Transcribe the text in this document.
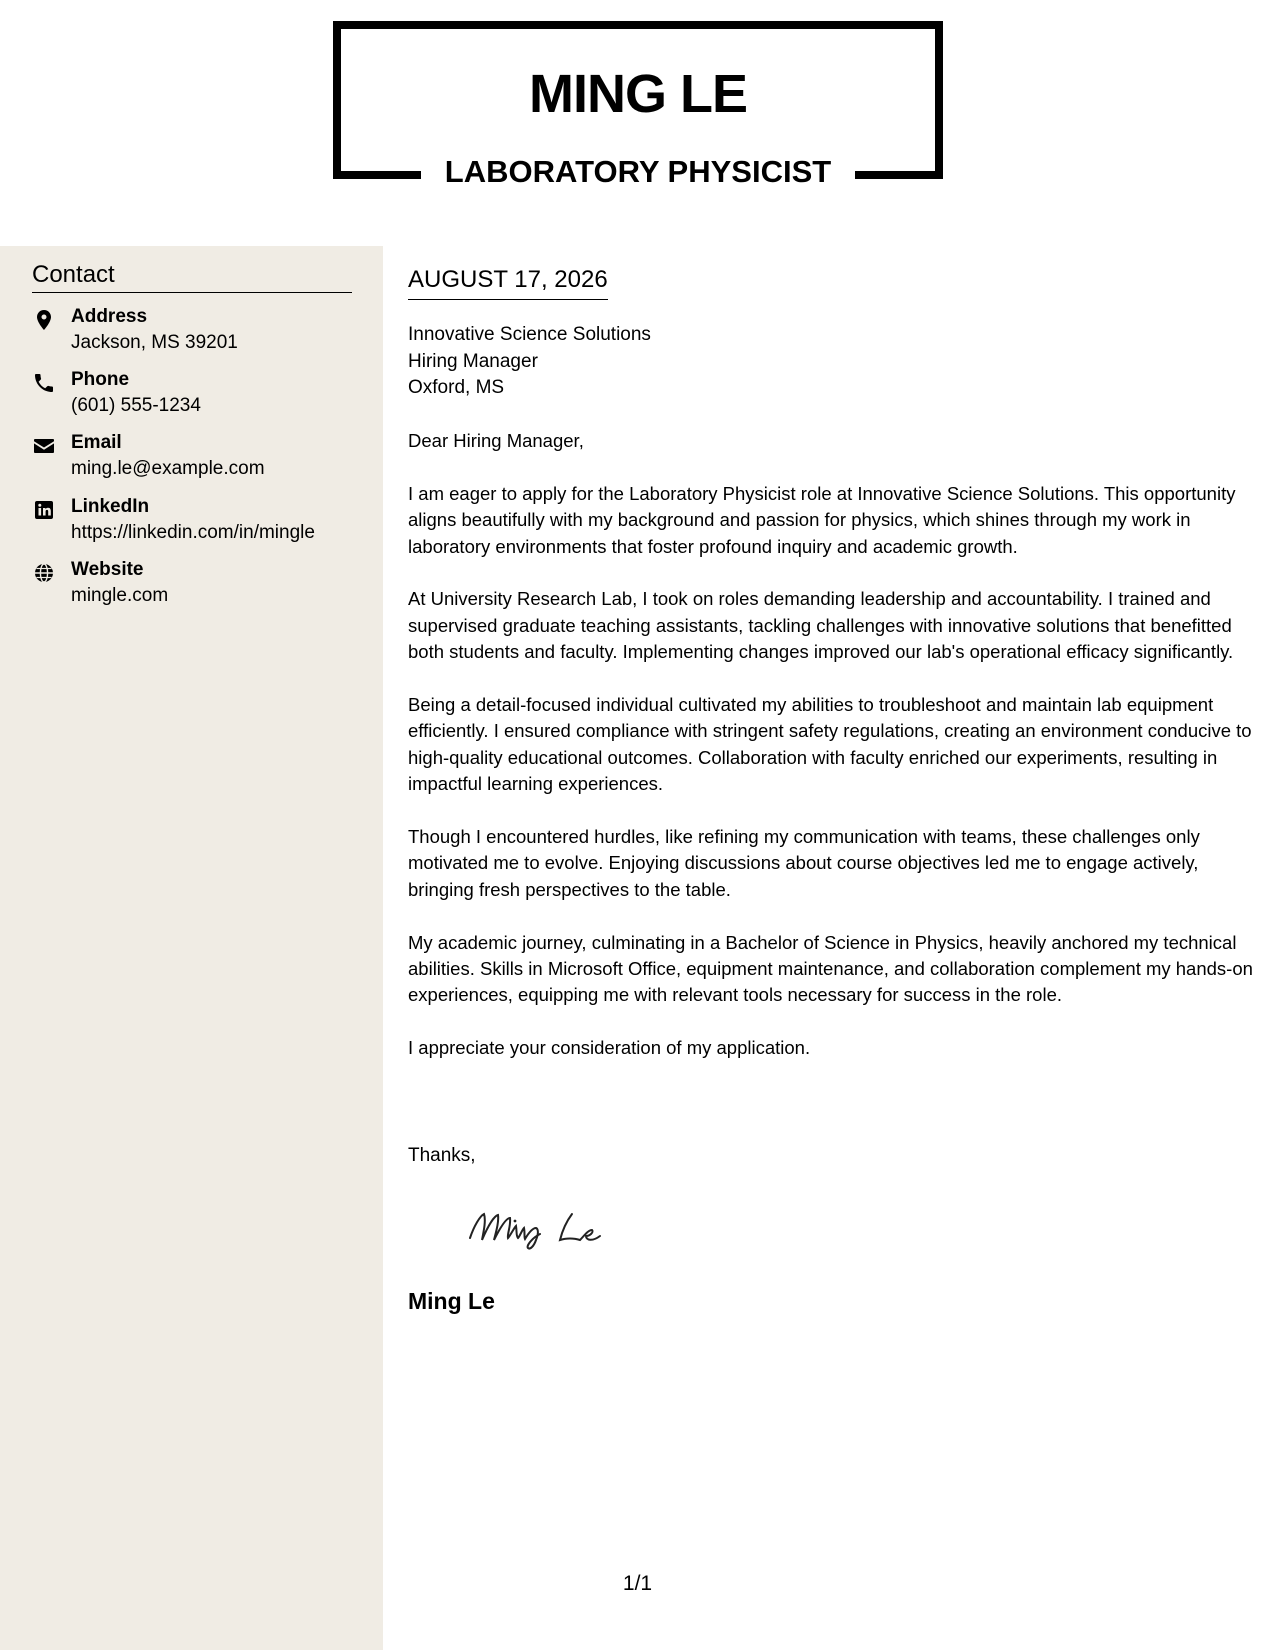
MING LE
LABORATORY PHYSICIST
Contact
Address
Jackson, MS 39201
Phone
(601) 555-1234
Email
ming.le@example.com
LinkedIn
https://linkedin.com/in/mingle
Website
mingle.com
AUGUST 17, 2026
Innovative Science Solutions
Hiring Manager
Oxford, MS

Dear Hiring Manager,

I am eager to apply for the Laboratory Physicist role at Innovative Science Solutions. This opportunity aligns beautifully with my background and passion for physics, which shines through my work in laboratory environments that foster profound inquiry and academic growth.

At University Research Lab, I took on roles demanding leadership and accountability. I trained and supervised graduate teaching assistants, tackling challenges with innovative solutions that benefitted both students and faculty. Implementing changes improved our lab's operational efficacy significantly.

Being a detail-focused individual cultivated my abilities to troubleshoot and maintain lab equipment efficiently. I ensured compliance with stringent safety regulations, creating an environment conducive to high-quality educational outcomes. Collaboration with faculty enriched our experiments, resulting in impactful learning experiences.

Though I encountered hurdles, like refining my communication with teams, these challenges only motivated me to evolve. Enjoying discussions about course objectives led me to engage actively, bringing fresh perspectives to the table.

My academic journey, culminating in a Bachelor of Science in Physics, heavily anchored my technical abilities. Skills in Microsoft Office, equipment maintenance, and collaboration complement my hands-on experiences, equipping me with relevant tools necessary for success in the role.

I appreciate your consideration of my application.

Thanks,
Ming Le
1/1
